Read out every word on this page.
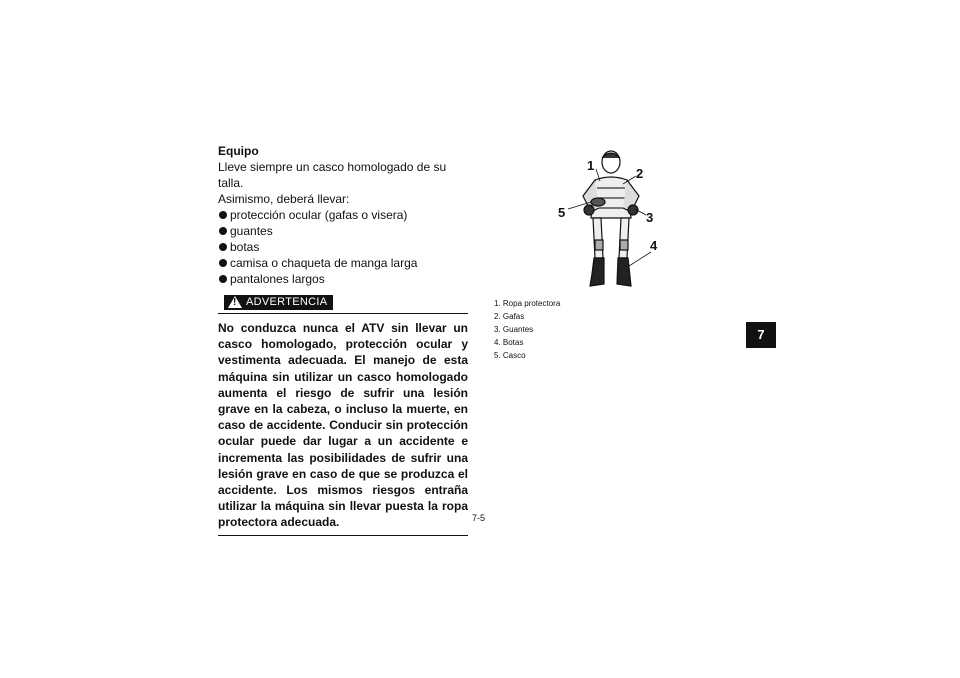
Equipo
Lleve siempre un casco homologado de su talla.
Asimismo, deberá llevar:
protección ocular (gafas o visera)
guantes
botas
camisa o chaqueta de manga larga
pantalones largos
! ADVERTENCIA
No conduzca nunca el ATV sin llevar un casco homologado, protección ocular y vestimenta adecuada. El manejo de esta máquina sin utilizar un casco homologado aumenta el riesgo de sufrir una lesión grave en la cabeza, o incluso la muerte, en caso de accidente. Conducir sin protección ocular puede dar lugar a un accidente e incrementa las posibilidades de sufrir una lesión grave en caso de que se produzca el accidente. Los mismos riesgos entraña utilizar la máquina sin llevar puesta la ropa protectora adecuada.
1
2
3
4
5
1. Ropa protectora
2. Gafas
3. Guantes
4. Botas
5. Casco
7
7-5
